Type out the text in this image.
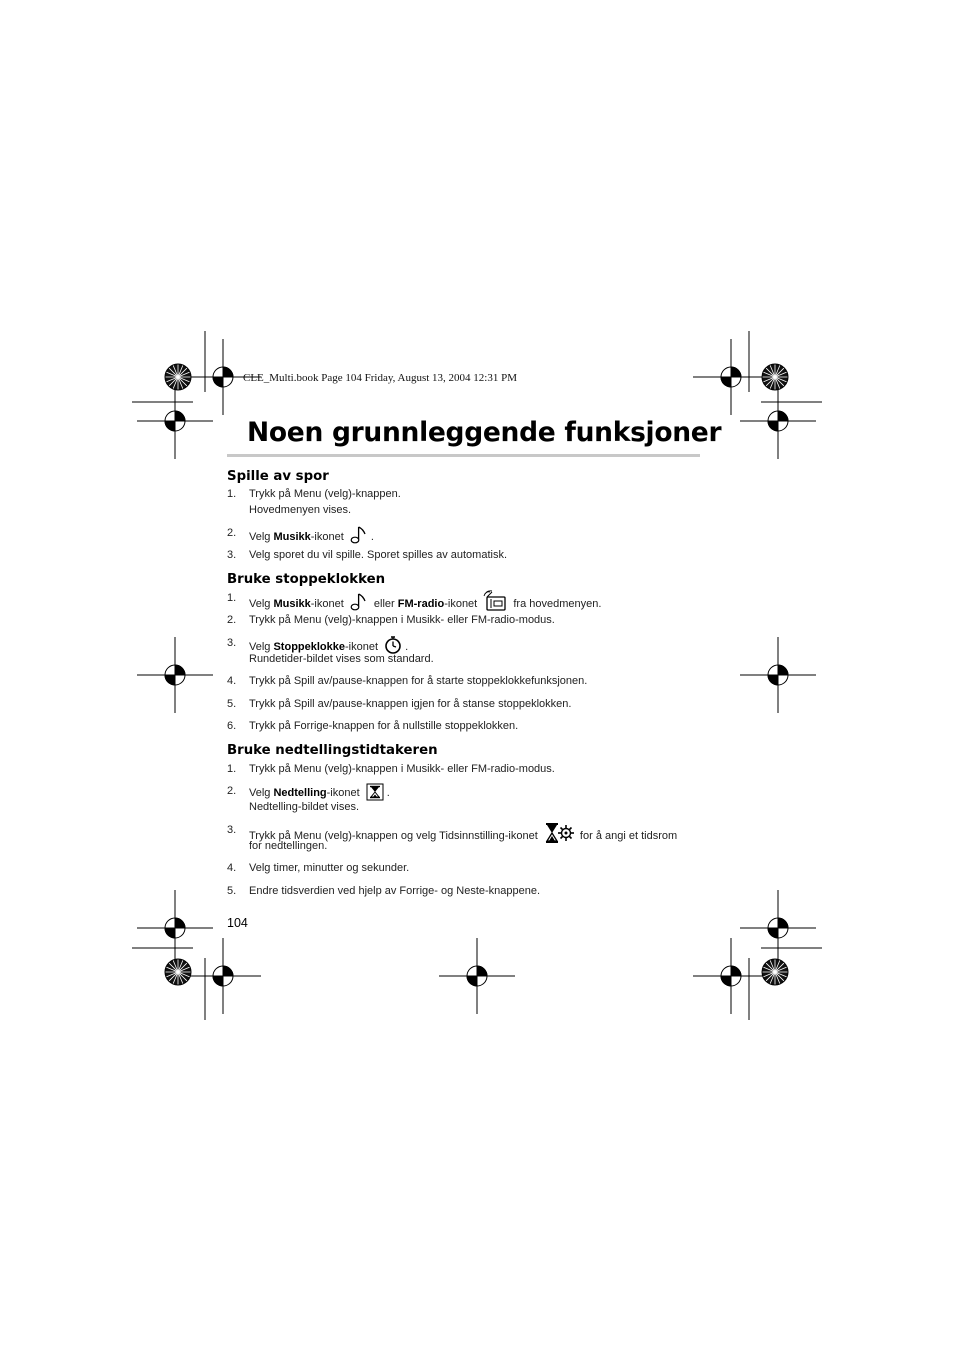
CLE_Multi.book Page 104 Friday, August 13, 2004 12:31 PM
Noen grunnleggende funksjoner
Spille av spor
1. Trykk på Menu (velg)-knappen.
Hovedmenyen vises.
2. Velg Musikk-ikonet .
3. Velg sporet du vil spille. Sporet spilles av automatisk.
Bruke stoppeklokken
1. Velg Musikk-ikonet	eller FM-radio-ikonet	fra hovedmenyen.
2. Trykk på Menu (velg)-knappen i Musikk- eller FM-radio-modus.
3. Velg Stoppeklokke-ikonet .
Rundetider-bildet vises som standard.
4. Trykk på Spill av/pause-knappen for å starte stoppeklokkefunksjonen.
5. Trykk på Spill av/pause-knappen igjen for å stanse stoppeklokken.
6. Trykk på Forrige-knappen for å nullstille stoppeklokken.
Bruke nedtellingstidtakeren
1. Trykk på Menu (velg)-knappen i Musikk- eller FM-radio-modus.
2. Velg Nedtelling-ikonet .
Nedtelling-bildet vises.
3. Trykk på Menu (velg)-knappen og velg Tidsinnstilling-ikonet	for å angi et tidsrom
for nedtellingen.
4. Velg timer, minutter og sekunder.
5. Endre tidsverdien ved hjelp av Forrige- og Neste-knappene.
104
